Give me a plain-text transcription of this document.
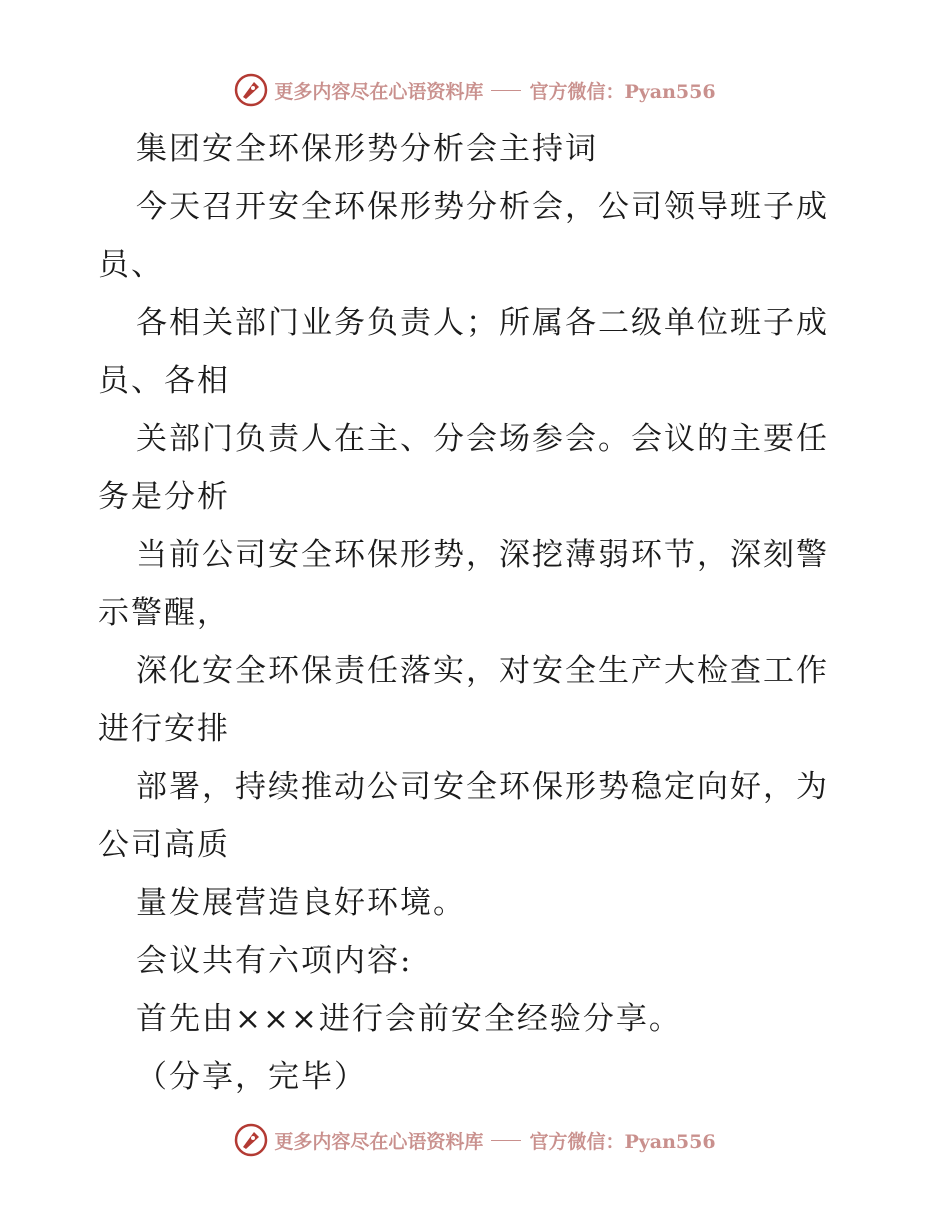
更多内容尽在心语资料库 官方微信：Pyan556
集团安全环保形势分析会主持词
今天召开安全环保形势分析会，公司领导班子成
员、
各相关部门业务负责人；所属各二级单位班子成
员、各相
关部门负责人在主、分会场参会。会议的主要任
务是分析
当前公司安全环保形势，深挖薄弱环节，深刻警
示警醒，
深化安全环保责任落实，对安全生产大检查工作
进行安排
部署，持续推动公司安全环保形势稳定向好，为
公司高质
量发展营造良好环境。
会议共有六项内容:
首先由×××进行会前安全经验分享。
（分享，完毕）
更多内容尽在心语资料库 官方微信：Pyan556
